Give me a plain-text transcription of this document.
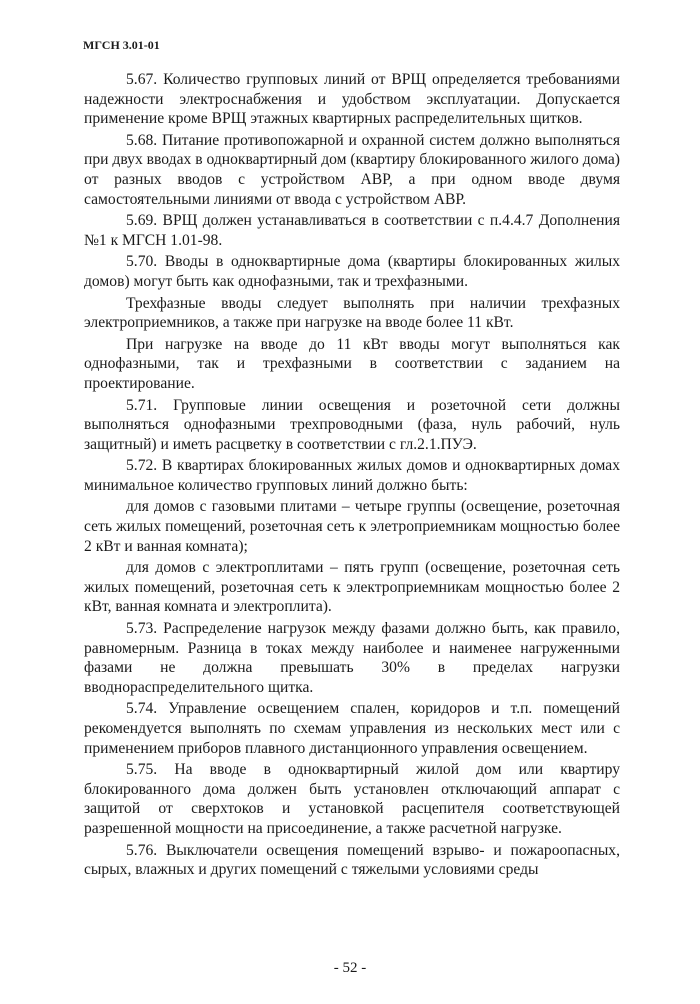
МГСН 3.01-01

5.67. Количество групповых линий от ВРЩ определяется требованиями надежности электроснабжения и удобством эксплуатации. Допускается применение кроме ВРЩ этажных квартирных распределительных щитков.

5.68. Питание противопожарной и охранной систем должно выполняться при двух вводах в одноквартирный дом (квартиру блокированного жилого дома) от разных вводов с устройством АВР, а при одном вводе двумя самостоятельными линиями от ввода с устройством АВР.

5.69. ВРЩ должен устанавливаться в соответствии с п.4.4.7 Дополнения №1 к МГСН 1.01-98.

5.70. Вводы в одноквартирные дома (квартиры блокированных жилых домов) могут быть как однофазными, так и трехфазными.

Трехфазные вводы следует выполнять при наличии трехфазных электроприемников, а также при нагрузке на вводе более 11 кВт.

При нагрузке на вводе до 11 кВт вводы могут выполняться как однофазными, так и трехфазными в соответствии с заданием на проектирование.

5.71. Групповые линии освещения и розеточной сети должны выполняться однофазными трехпроводными (фаза, нуль рабочий, нуль защитный) и иметь расцветку в соответствии с гл.2.1.ПУЭ.

5.72. В квартирах блокированных жилых домов и одноквартирных домах минимальное количество групповых линий должно быть:

для домов с газовыми плитами – четыре группы (освещение, розеточная сеть жилых помещений, розеточная сеть к элетроприемникам мощностью более 2 кВт и ванная комната);

для домов с электроплитами – пять групп (освещение, розеточная сеть жилых помещений, розеточная сеть к электроприемникам мощностью более 2 кВт, ванная комната и электроплита).

5.73. Распределение нагрузок между фазами должно быть, как правило, равномерным. Разница в токах между наиболее и наименее нагруженными фазами не должна превышать 30% в пределах нагрузки вводнораспределительного щитка.

5.74. Управление освещением спален, коридоров и т.п. помещений рекомендуется выполнять по схемам управления из нескольких мест или с применением приборов плавного дистанционного управления освещением.

5.75. На вводе в одноквартирный жилой дом или квартиру блокированного дома должен быть установлен отключающий аппарат с защитой от сверхтоков и установкой расцепителя соответствующей разрешенной мощности на присоединение, а также расчетной нагрузке.

5.76. Выключатели освещения помещений взрыво- и пожароопасных, сырых, влажных и других помещений с тяжелыми условиями среды

- 52 -
